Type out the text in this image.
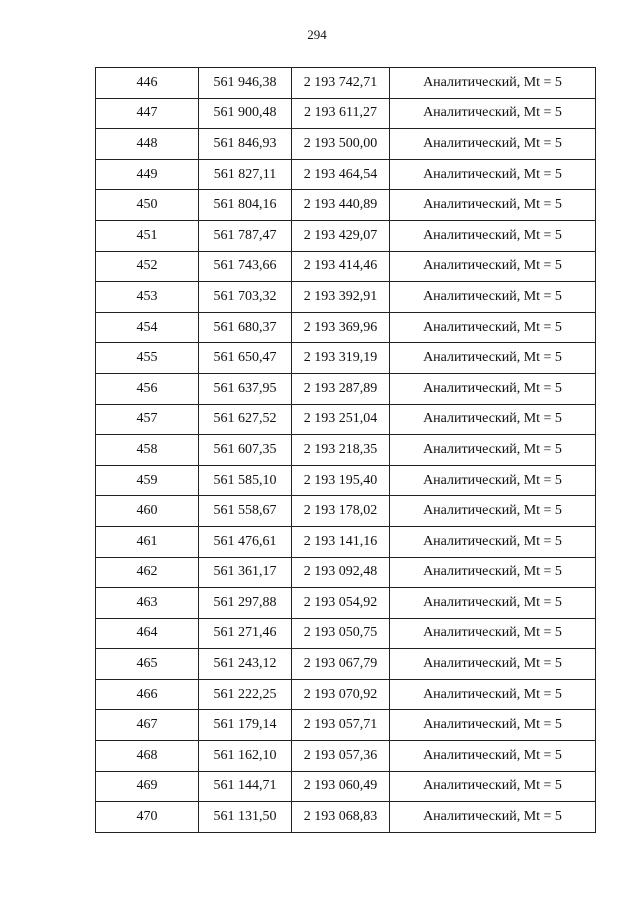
294
446	561 946,38	2 193 742,71	Аналитический, Mt = 5
447	561 900,48	2 193 611,27	Аналитический, Mt = 5
448	561 846,93	2 193 500,00	Аналитический, Mt = 5
449	561 827,11	2 193 464,54	Аналитический, Mt = 5
450	561 804,16	2 193 440,89	Аналитический, Mt = 5
451	561 787,47	2 193 429,07	Аналитический, Mt = 5
452	561 743,66	2 193 414,46	Аналитический, Mt = 5
453	561 703,32	2 193 392,91	Аналитический, Mt = 5
454	561 680,37	2 193 369,96	Аналитический, Mt = 5
455	561 650,47	2 193 319,19	Аналитический, Mt = 5
456	561 637,95	2 193 287,89	Аналитический, Mt = 5
457	561 627,52	2 193 251,04	Аналитический, Mt = 5
458	561 607,35	2 193 218,35	Аналитический, Mt = 5
459	561 585,10	2 193 195,40	Аналитический, Mt = 5
460	561 558,67	2 193 178,02	Аналитический, Mt = 5
461	561 476,61	2 193 141,16	Аналитический, Mt = 5
462	561 361,17	2 193 092,48	Аналитический, Mt = 5
463	561 297,88	2 193 054,92	Аналитический, Mt = 5
464	561 271,46	2 193 050,75	Аналитический, Mt = 5
465	561 243,12	2 193 067,79	Аналитический, Mt = 5
466	561 222,25	2 193 070,92	Аналитический, Mt = 5
467	561 179,14	2 193 057,71	Аналитический, Mt = 5
468	561 162,10	2 193 057,36	Аналитический, Mt = 5
469	561 144,71	2 193 060,49	Аналитический, Mt = 5
470	561 131,50	2 193 068,83	Аналитический, Mt = 5
